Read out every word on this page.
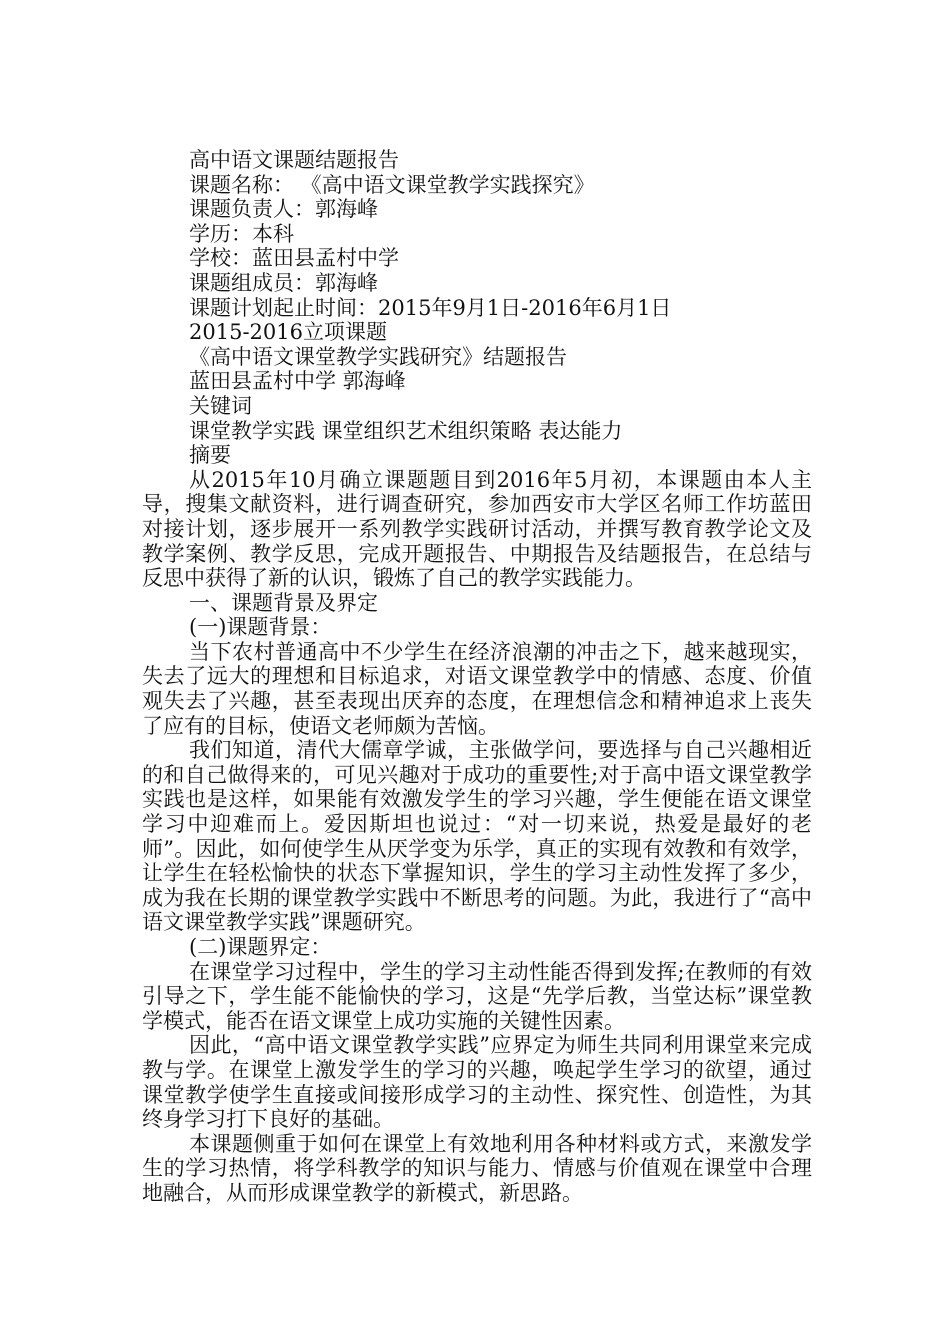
高中语文课题结题报告

课题名称： 《高中语文课堂教学实践探究》

课题负责人：郭海峰

学历：本科

学校：蓝田县孟村中学

课题组成员：郭海峰

课题计划起止时间：2015年9月1日-2016年6月1日

2015-2016立项课题

《高中语文课堂教学实践研究》结题报告

蓝田县孟村中学 郭海峰

关键词

课堂教学实践 课堂组织艺术组织策略 表达能力

摘要

从2015年10月确立课题题目到2016年5月初，本课题由本人主导，搜集文献资料，进行调查研究，参加西安市大学区名师工作坊蓝田对接计划，逐步展开一系列教学实践研讨活动，并撰写教育教学论文及教学案例、教学反思，完成开题报告、中期报告及结题报告，在总结与反思中获得了新的认识，锻炼了自己的教学实践能力。

一、课题背景及界定

(一)课题背景：

当下农村普通高中不少学生在经济浪潮的冲击之下，越来越现实，失去了远大的理想和目标追求，对语文课堂教学中的情感、态度、价值观失去了兴趣，甚至表现出厌弃的态度，在理想信念和精神追求上丧失了应有的目标，使语文老师颇为苦恼。

我们知道，清代大儒章学诚，主张做学问，要选择与自己兴趣相近的和自己做得来的，可见兴趣对于成功的重要性;对于高中语文课堂教学实践也是这样，如果能有效激发学生的学习兴趣，学生便能在语文课堂学习中迎难而上。爱因斯坦也说过：“对一切来说，热爱是最好的老师”。因此，如何使学生从厌学变为乐学，真正的实现有效教和有效学，让学生在轻松愉快的状态下掌握知识，学生的学习主动性发挥了多少，成为我在长期的课堂教学实践中不断思考的问题。为此，我进行了“高中语文课堂教学实践”课题研究。

(二)课题界定：

在课堂学习过程中，学生的学习主动性能否得到发挥;在教师的有效引导之下，学生能不能愉快的学习，这是“先学后教，当堂达标”课堂教学模式，能否在语文课堂上成功实施的关键性因素。

因此，“高中语文课堂教学实践”应界定为师生共同利用课堂来完成教与学。在课堂上激发学生的学习的兴趣，唤起学生学习的欲望，通过课堂教学使学生直接或间接形成学习的主动性、探究性、创造性，为其终身学习打下良好的基础。

本课题侧重于如何在课堂上有效地利用各种材料或方式，来激发学生的学习热情，将学科教学的知识与能力、情感与价值观在课堂中合理地融合，从而形成课堂教学的新模式，新思路。
